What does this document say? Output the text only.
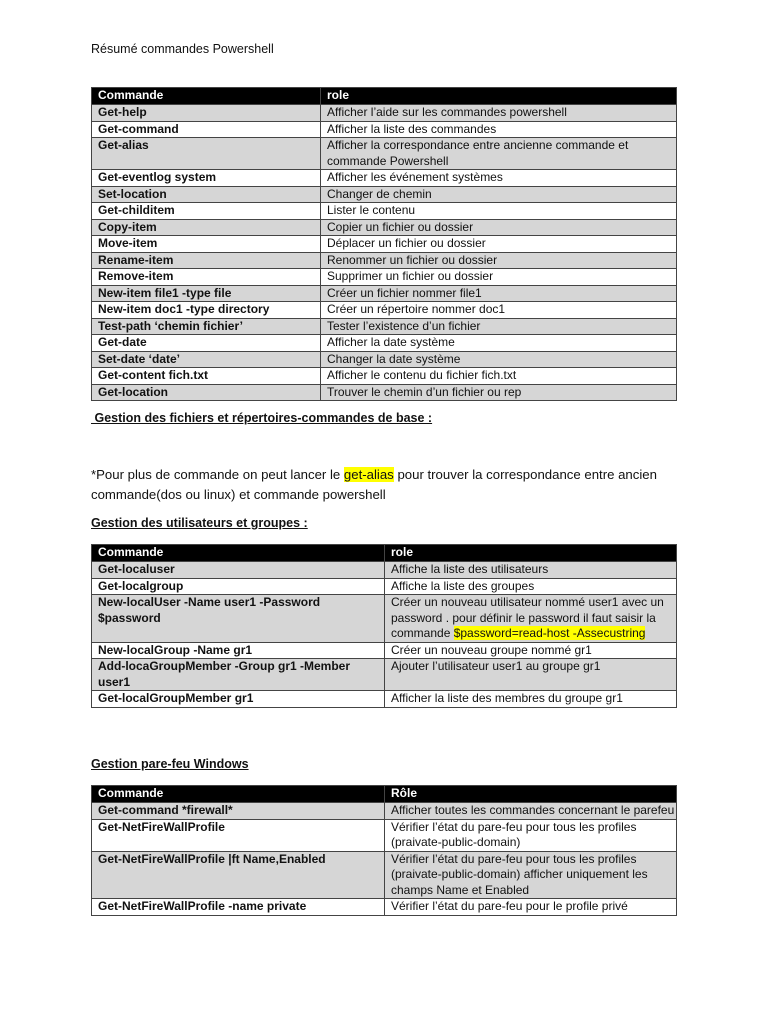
Résumé commandes Powershell
Commande	role
Get-help	Afficher l’aide sur les commandes powershell
Get-command	Afficher la liste des commandes
Get-alias	Afficher la correspondance entre ancienne commande et commande Powershell
Get-eventlog system	Afficher les événement systèmes
Set-location	Changer de chemin
Get-childitem	Lister le contenu
Copy-item	Copier un fichier ou dossier
Move-item	Déplacer un fichier ou dossier
Rename-item	Renommer un fichier ou dossier
Remove-item	Supprimer un fichier ou dossier
New-item file1 -type file	Créer un fichier nommer file1
New-item doc1 -type directory	Créer un répertoire nommer doc1
Test-path ‘chemin fichier’	Tester l’existence d’un fichier
Get-date	Afficher la date système
Set-date ‘date’	Changer la date système
Get-content fich.txt	Afficher le contenu du fichier fich.txt
Get-location	Trouver le chemin d’un fichier ou rep
Gestion des fichiers et répertoires-commandes de base :
*Pour plus de commande on peut lancer le get-alias pour trouver la correspondance entre ancien commande(dos ou linux) et commande powershell
Gestion des utilisateurs et groupes :
Commande	role
Get-localuser	Affiche la liste des utilisateurs
Get-localgroup	Affiche la liste des groupes
New-localUser -Name user1 -Password $password	Créer un nouveau utilisateur nommé user1 avec un password . pour définir le password il faut saisir la commande $password=read-host -Assecustring
New-localGroup -Name gr1	Créer un nouveau groupe nommé gr1
Add-locaGroupMember -Group gr1 -Member user1	Ajouter l’utilisateur user1 au groupe gr1
Get-localGroupMember gr1	Afficher la liste des membres du groupe gr1
Gestion pare-feu Windows
Commande	Rôle
Get-command *firewall*	Afficher toutes les commandes concernant le parefeu
Get-NetFireWallProfile	Vérifier l’état du pare-feu pour tous les profiles (praivate-public-domain)
Get-NetFireWallProfile |ft Name,Enabled	Vérifier l’état du pare-feu pour tous les profiles (praivate-public-domain) afficher uniquement les champs Name et Enabled
Get-NetFireWallProfile -name private	Vérifier l’état du pare-feu pour le profile privé
